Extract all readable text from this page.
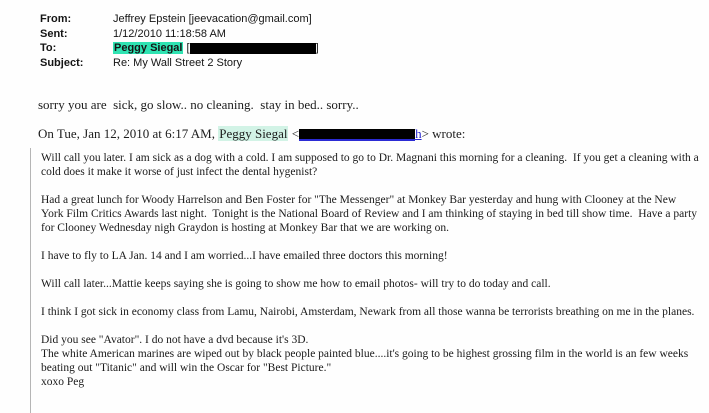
From:	Jeffrey Epstein [jeevacation@gmail.com]
Sent:	1/12/2010 11:18:58 AM
To:	Peggy Siegal [	]
Subject:	Re: My Wall Street 2 Story
sorry you are  sick, go slow.. no cleaning.  stay in bed.. sorry..
On Tue, Jan 12, 2010 at 6:17 AM, Peggy Siegal <	h> wrote:

Will call you later. I am sick as a dog with a cold. I am supposed to go to Dr. Magnani this morning for a cleaning.  If you get a cleaning with a cold does it make it worse of just infect the dental hygenist?

Had a great lunch for Woody Harrelson and Ben Foster for "The Messenger" at Monkey Bar yesterday and hung with Clooney at the New York Film Critics Awards last night.  Tonight is the National Board of Review and I am thinking of staying in bed till show time.  Have a party for Clooney Wednesday nigh Graydon is hosting at Monkey Bar that we are working on.

I have to fly to LA Jan. 14 and I am worried...I have emailed three doctors this morning!

Will call later...Mattie keeps saying she is going to show me how to email photos- will try to do today and call.

I think I got sick in economy class from Lamu, Nairobi, Amsterdam, Newark from all those wanna be terrorists breathing on me in the planes.

Did you see "Avator". I do not have a dvd because it's 3D.
The white American marines are wiped out by black people painted blue....it's going to be highest grossing film in the world is an few weeks beating out "Titanic" and will win the Oscar for "Best Picture."
xoxo Peg
